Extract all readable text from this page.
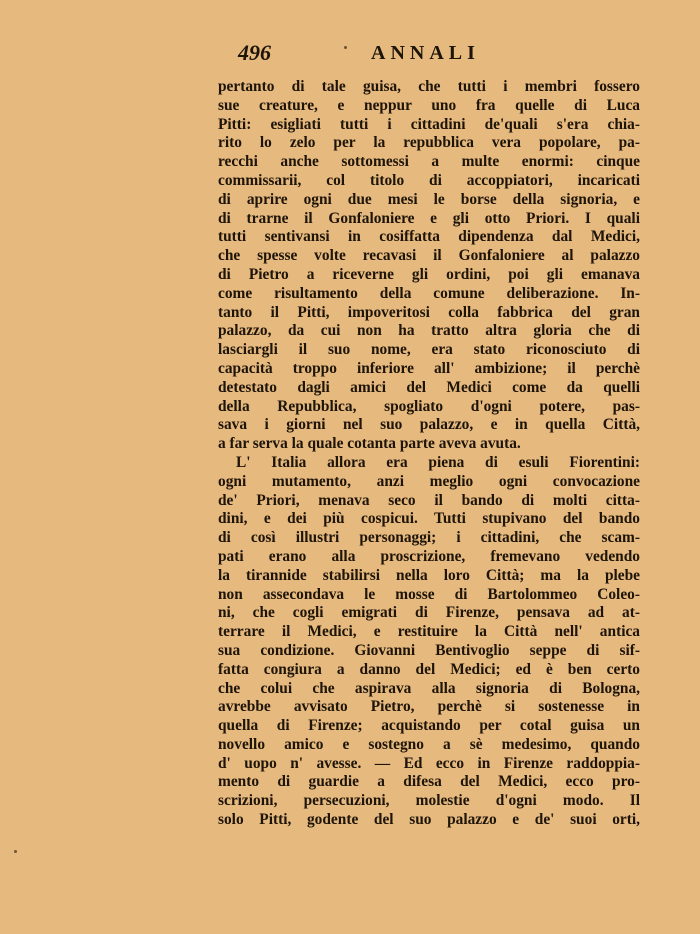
496	ANNALI
pertanto di tale guisa, che tutti i membri fossero
sue creature, e neppur uno fra quelle di Luca
Pitti: esigliati tutti i cittadini de'quali s'era chia-
rito lo zelo per la repubblica vera popolare, pa-
recchi anche sottomessi a multe enormi: cinque
commissarii, col titolo di accoppiatori, incaricati
di aprire ogni due mesi le borse della signoria, e
di trarne il Gonfaloniere e gli otto Priori. I quali
tutti sentivansi in cosiffatta dipendenza dal Medici,
che spesse volte recavasi il Gonfaloniere al palazzo
di Pietro a riceverne gli ordini, poi gli emanava
come risultamento della comune deliberazione. In-
tanto il Pitti, impoveritosi colla fabbrica del gran
palazzo, da cui non ha tratto altra gloria che di
lasciargli il suo nome, era stato riconosciuto di
capacità troppo inferiore all' ambizione; il perchè
detestato dagli amici del Medici come da quelli
della Repubblica, spogliato d'ogni potere, pas-
sava i giorni nel suo palazzo, e in quella Città,
a far serva la quale cotanta parte aveva avuta.
L' Italia allora era piena di esuli Fiorentini:
ogni mutamento, anzi meglio ogni convocazione
de' Priori, menava seco il bando di molti citta-
dini, e dei più cospicui. Tutti stupivano del bando
di così illustri personaggi; i cittadini, che scam-
pati erano alla proscrizione, fremevano vedendo
la tirannide stabilirsi nella loro Città; ma la plebe
non assecondava le mosse di Bartolommeo Coleo-
ni, che cogli emigrati di Firenze, pensava ad at-
terrare il Medici, e restituire la Città nell' antica
sua condizione. Giovanni Bentivoglio seppe di sif-
fatta congiura a danno del Medici; ed è ben certo
che colui che aspirava alla signoria di Bologna,
avrebbe avvisato Pietro, perchè si sostenesse in
quella di Firenze; acquistando per cotal guisa un
novello amico e sostegno a sè medesimo, quando
d' uopo n' avesse. — Ed ecco in Firenze raddoppia-
mento di guardie a difesa del Medici, ecco pro-
scrizioni, persecuzioni, molestie d'ogni modo. Il
solo Pitti, godente del suo palazzo e de' suoi orti,
